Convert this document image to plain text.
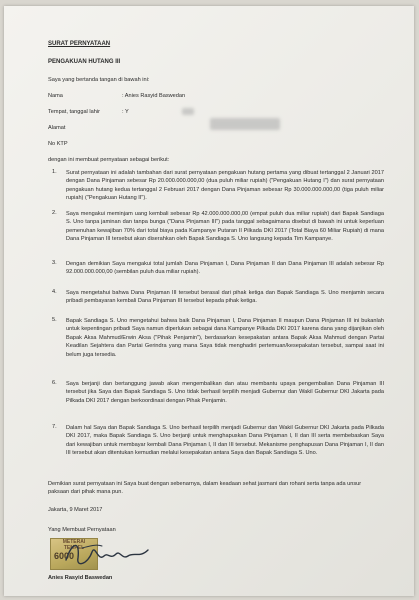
SURAT PERNYATAAN
PENGAKUAN HUTANG III
Saya yang bertanda tangan di bawah ini:
Nama	: Anies Rasyid Baswedan
Tempat, tanggal lahir	: Y
Alamat
No KTP
dengan ini membuat pernyataan sebagai berikut:
1. Surat pernyataan ini adalah tambahan dari surat pernyataan pengakuan hutang pertama yang dibuat tertanggal 2 Januari 2017 dengan Dana Pinjaman sebesar Rp 20.000.000.000,00 (dua puluh miliar rupiah) ("Pengakuan Hutang I") dan surat pernyataan pengakuan hutang kedua tertanggal 2 Februari 2017 dengan Dana Pinjaman sebesar Rp 30.000.000.000,00 (tiga puluh miliar rupiah) ("Pengakuan Hutang II").
2. Saya mengakui meminjam uang kembali sebesar Rp 42.000.000.000,00 (empat puluh dua miliar rupiah) dari Bapak Sandiaga S. Uno tanpa jaminan dan tanpa bunga ("Dana Pinjaman III") pada tanggal sebagaimana disebut di bawah ini untuk keperluan pemenuhan kewajiban 70% dari total biaya pada Kampanye Putaran II Pilkada DKI 2017 (Total Biaya 60 Miliar Rupiah) di mana Dana Pinjaman III tersebut akan diserahkan oleh Bapak Sandiaga S. Uno langsung kepada Tim Kampanye.
3. Dengan demikian Saya mengakui total jumlah Dana Pinjaman I, Dana Pinjaman II dan Dana Pinjaman III adalah sebesar Rp 92.000.000.000,00 (sembilan puluh dua miliar rupiah).
4. Saya mengetahui bahwa Dana Pinjaman III tersebut berasal dari pihak ketiga dan Bapak Sandiaga S. Uno menjamin secara pribadi pembayaran kembali Dana Pinjaman III tersebut kepada pihak ketiga.
5. Bapak Sandiaga S. Uno mengetahui bahwa baik Dana Pinjaman I, Dana Pinjaman II maupun Dana Pinjaman III ini bukanlah untuk kepentingan pribadi Saya namun diperlukan sebagai dana Kampanye Pilkada DKI 2017 karena dana yang dijanjikan oleh Bapak Aksa Mahmud/Erwin Aksa ("Pihak Penjamin"), berdasarkan kesepakatan antara Bapak Aksa Mahmud dengan Partai Keadilan Sejahtera dan Partai Gerindra yang mana Saya tidak menghadiri pertemuan/kesepakatan tersebut, sampai saat ini belum juga tersedia.
6. Saya berjanji dan bertanggung jawab akan mengembalikan dan atau membantu upaya pengembalian Dana Pinjaman III tersebut jika Saya dan Bapak Sandiaga S. Uno tidak berhasil terpilih menjadi Gubernur dan Wakil Gubernur DKI Jakarta pada Pilkada DKI 2017 dengan berkoordinasi dengan Pihak Penjamin.
7. Dalam hal Saya dan Bapak Sandiaga S. Uno berhasil terpilih menjadi Gubernur dan Wakil Gubernur DKI Jakarta pada Pilkada DKI 2017, maka Bapak Sandiaga S. Uno berjanji untuk menghapuskan Dana Pinjaman I, II dan III serta membebaskan Saya dari kewajiban untuk membayar kembali Dana Pinjaman I, II dan III tersebut. Mekanisme penghapusan Dana Pinjaman I, II dan III tersebut akan ditentukan kemudian melalui kesepakatan antara Saya dan Bapak Sandiaga S. Uno.
Demikian surat pernyataan ini Saya buat dengan sebenarnya, dalam keadaan sehat jasmani dan rohani serta tanpa ada unsur paksaan dari pihak mana pun.
Jakarta, 9 Maret 2017
Yang Membuat Pernyataan
METERAI
TEMPEL
6000
Anies Rasyid Baswedan
